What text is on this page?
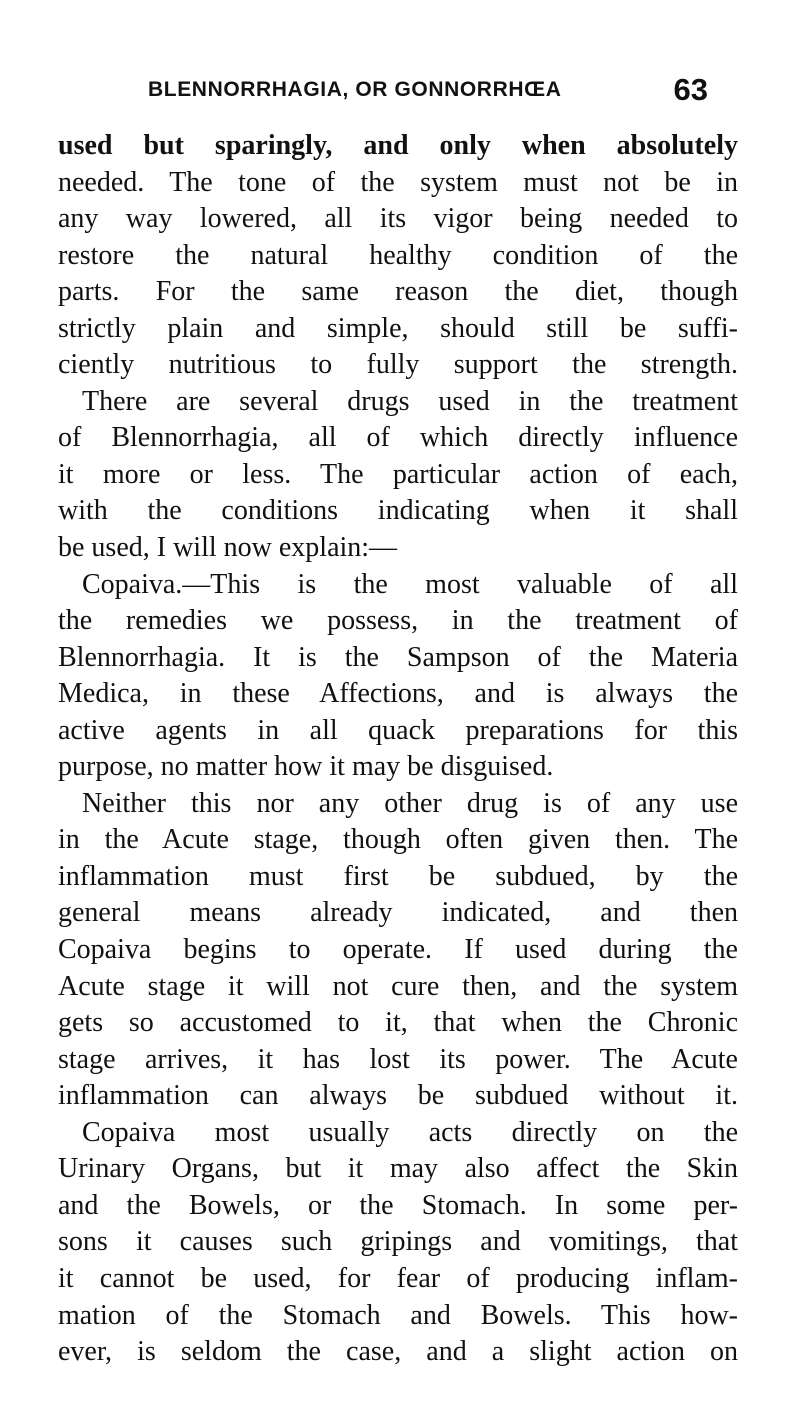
BLENNORRHAGIA, OR GONNORRHŒA	63
used but sparingly, and only when absolutely
needed. The tone of the system must not be in
any way lowered, all its vigor being needed to
restore the natural healthy condition of the
parts. For the same reason the diet, though
strictly plain and simple, should still be suffi-
ciently nutritious to fully support the strength.
There are several drugs used in the treatment
of Blennorrhagia, all of which directly influence
it more or less. The particular action of each,
with the conditions indicating when it shall
be used, I will now explain:—
Copaiva.—This is the most valuable of all
the remedies we possess, in the treatment of
Blennorrhagia. It is the Sampson of the Materia
Medica, in these Affections, and is always the
active agents in all quack preparations for this
purpose, no matter how it may be disguised.
Neither this nor any other drug is of any use
in the Acute stage, though often given then. The
inflammation must first be subdued, by the
general means already indicated, and then
Copaiva begins to operate. If used during the
Acute stage it will not cure then, and the system
gets so accustomed to it, that when the Chronic
stage arrives, it has lost its power. The Acute
inflammation can always be subdued without it.
Copaiva most usually acts directly on the
Urinary Organs, but it may also affect the Skin
and the Bowels, or the Stomach. In some per-
sons it causes such gripings and vomitings, that
it cannot be used, for fear of producing inflam-
mation of the Stomach and Bowels. This how-
ever, is seldom the case, and a slight action on
